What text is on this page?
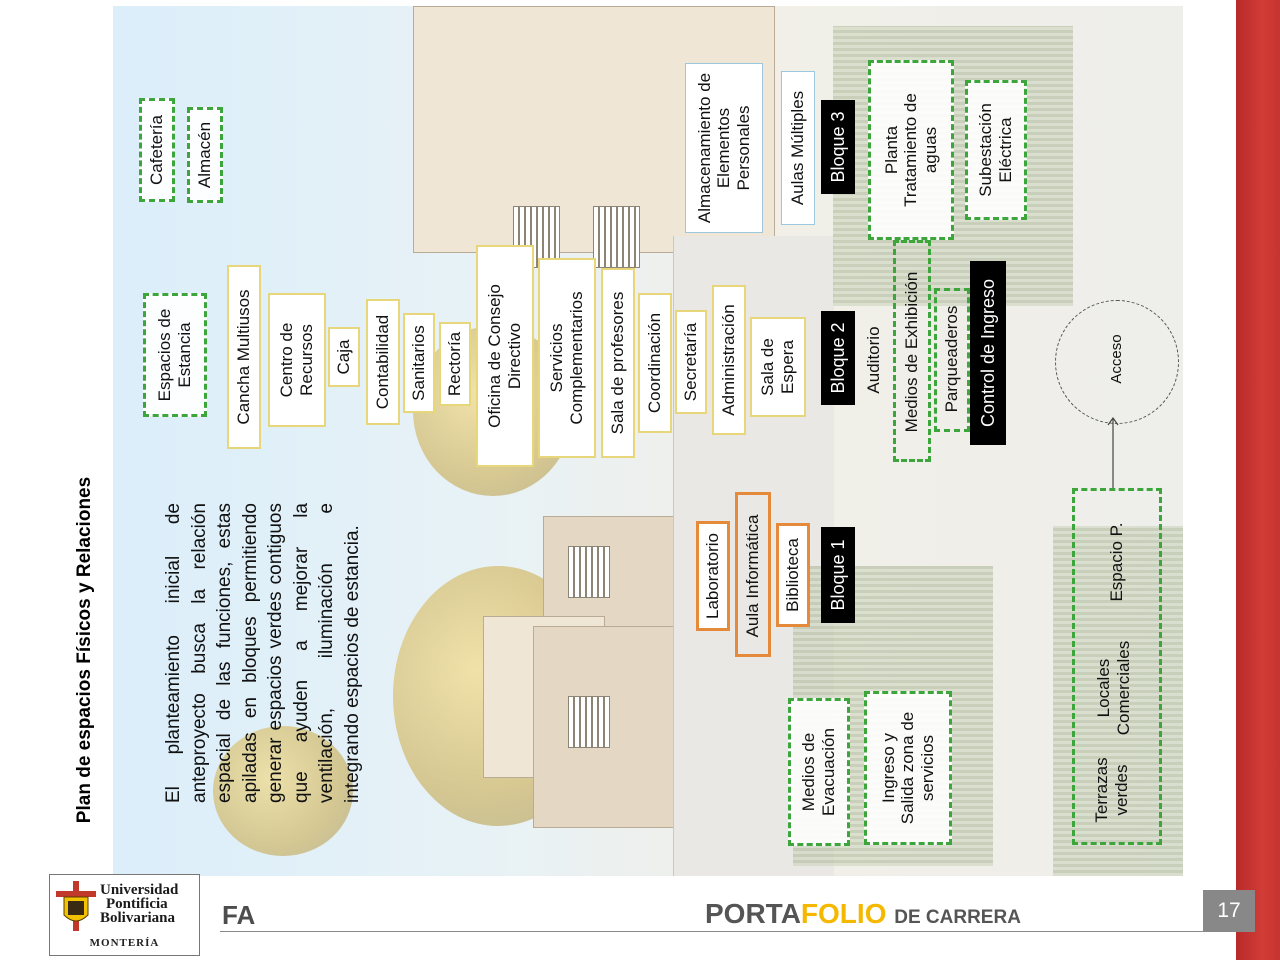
Plan de espacios Físicos y Relaciones	El planteamiento inicial de anteproyecto busca la relación espacial de las funciones, estas apiladas en bloques permitiendo generar espacios verdes contiguos que ayuden a mejorar la ventilación, iluminación e integrando espacios de estancia.
Cafetería	Almacén
Espacios de Estancia	Cancha Multiusos	Centro de Recursos	Caja	Contabilidad	Sanitarios	Rectoría	Oficina de Consejo Directivo	Servicios Complementarios	Sala de profesores	Coordinación	Secretaría	Administración	Sala de Espera	Bloque 2
Bloque 3
Bloque 1
Auditorio	Medios de Exhibición	Parqueaderos Control de Ingreso
Almacenamiento de Elementos Personales	Aulas Múltiples	Planta Tratamiento de aguas	Subestación Eléctrica
Acceso
Laboratorio	Aula Informática	Biblioteca
Medios de Evacuación	Ingreso y Salida zona de servicios
Espacio P.
Locales Comerciales
Terrazas verdes
FA	PORTAFOLIO DE CARRERA	17
Universidad
Pontificia
Bolivariana
MONTERÍA
